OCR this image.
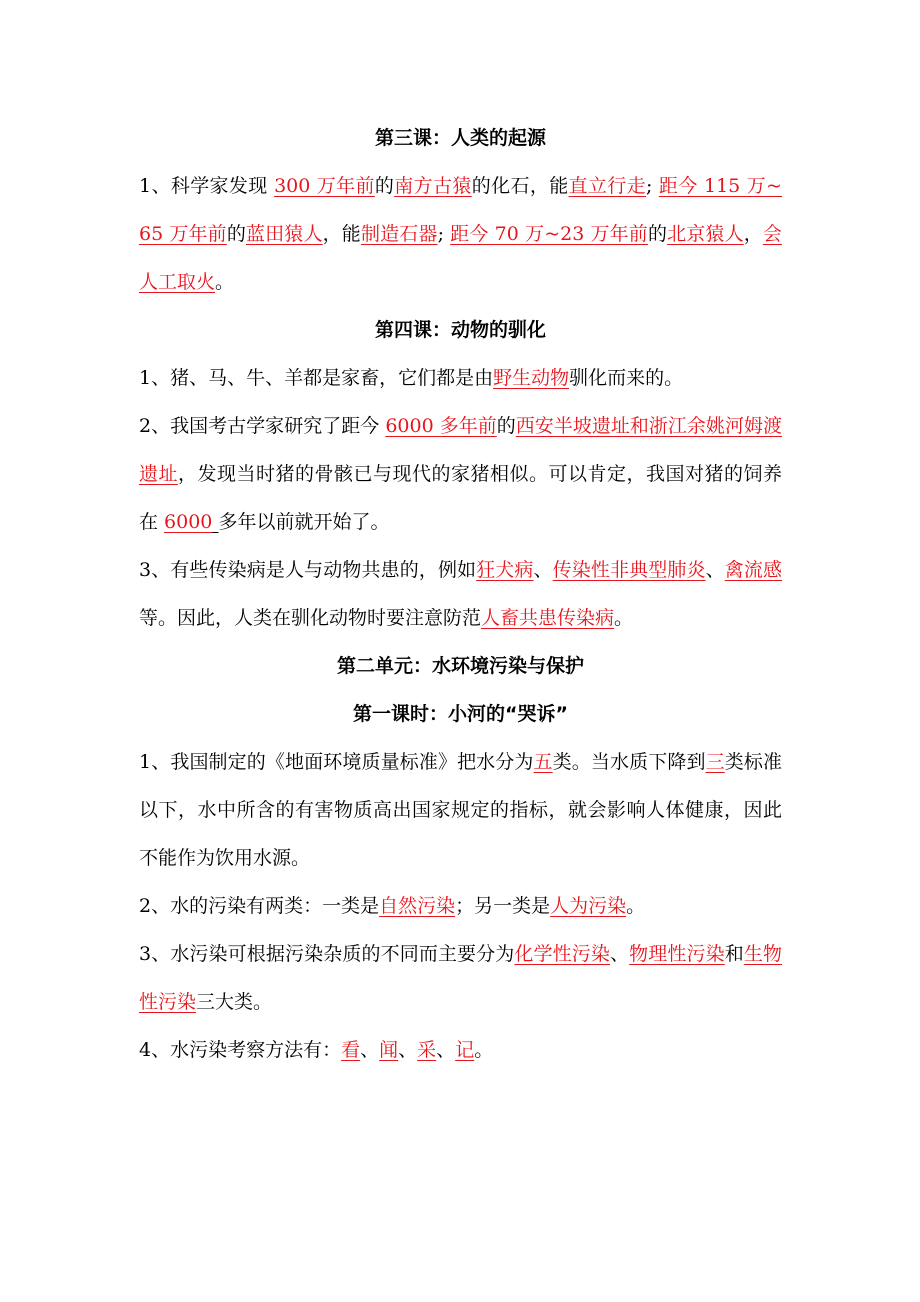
第三课：人类的起源

1、科学家发现 300 万年前的南方古猿的化石，能直立行走; 距今 115 万~65 万年前的蓝田猿人，能制造石器; 距今 70 万~23 万年前的北京猿人，会人工取火。

第四课：动物的驯化

1、猪、马、牛、羊都是家畜，它们都是由野生动物驯化而来的。

2、我国考古学家研究了距今 6000 多年前的西安半坡遗址和浙江余姚河姆渡遗址，发现当时猪的骨骸已与现代的家猪相似。可以肯定，我国对猪的饲养在 6000 多年以前就开始了。

3、有些传染病是人与动物共患的，例如狂犬病、传染性非典型肺炎、禽流感等。因此，人类在驯化动物时要注意防范人畜共患传染病。

第二单元：水环境污染与保护
第一课时：小河的“哭诉”

1、我国制定的《地面环境质量标准》把水分为五类。当水质下降到三类标准以下，水中所含的有害物质高出国家规定的指标，就会影响人体健康，因此不能作为饮用水源。

2、水的污染有两类：一类是自然污染；另一类是人为污染。

3、水污染可根据污染杂质的不同而主要分为化学性污染、物理性污染和生物性污染三大类。

4、水污染考察方法有：看、闻、采、记。
